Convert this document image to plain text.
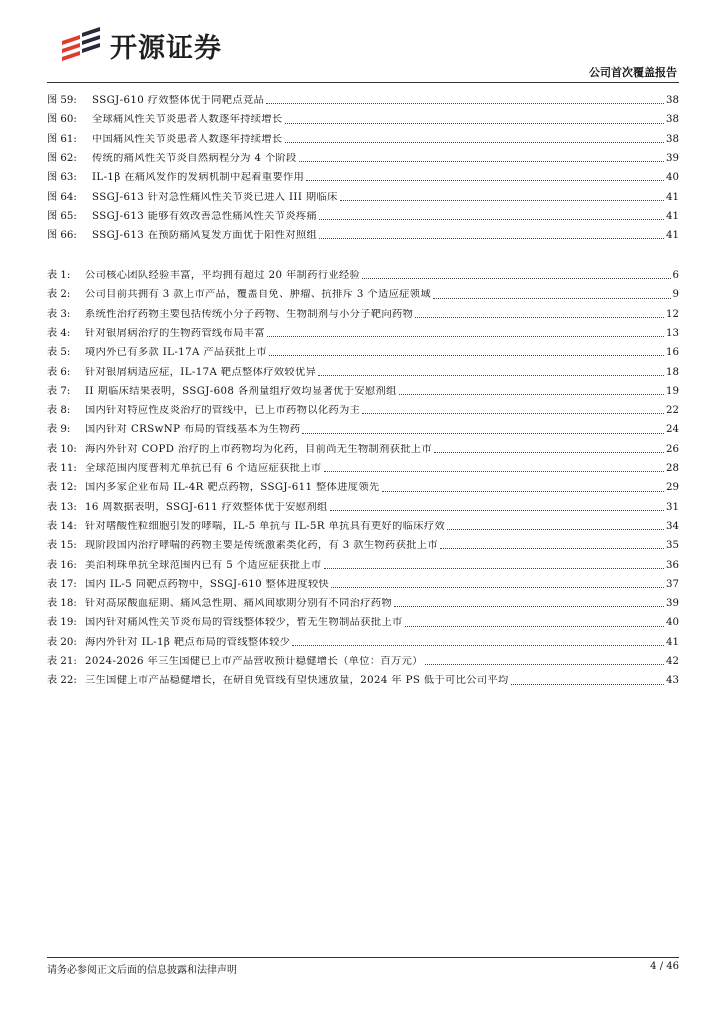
开源证券
公司首次覆盖报告
图 59:	SSGJ-610 疗效整体优于同靶点竞品	38
图 60:	全球痛风性关节炎患者人数逐年持续增长	38
图 61:	中国痛风性关节炎患者人数逐年持续增长	38
图 62:	传统的痛风性关节炎自然病程分为 4 个阶段	39
图 63:	IL-1β 在痛风发作的发病机制中起着重要作用	40
图 64:	SSGJ-613 针对急性痛风性关节炎已进入 III 期临床	41
图 65:	SSGJ-613 能够有效改善急性痛风性关节炎疼痛	41
图 66:	SSGJ-613 在预防痛风复发方面优于阳性对照组	41
表 1:	公司核心团队经验丰富，平均拥有超过 20 年制药行业经验	6
表 2:	公司目前共拥有 3 款上市产品，覆盖自免、肿瘤、抗排斥 3 个适应症领域	9
表 3:	系统性治疗药物主要包括传统小分子药物、生物制剂与小分子靶向药物	12
表 4:	针对银屑病治疗的生物药管线布局丰富	13
表 5:	境内外已有多款 IL-17A 产品获批上市	16
表 6:	针对银屑病适应症，IL-17A 靶点整体疗效较优异	18
表 7:	II 期临床结果表明，SSGJ-608 各剂量组疗效均显著优于安慰剂组	19
表 8:	国内针对特应性皮炎治疗的管线中，已上市药物以化药为主	22
表 9:	国内针对 CRSwNP 布局的管线基本为生物药	24
表 10: 海内外针对 COPD 治疗的上市药物均为化药，目前尚无生物制剂获批上市	26
表 11: 全球范围内度普利尤单抗已有 6 个适应症获批上市	28
表 12: 国内多家企业布局 IL-4R 靶点药物，SSGJ-611 整体进度领先	29
表 13: 16 周数据表明，SSGJ-611 疗效整体优于安慰剂组	31
表 14: 针对嗜酸性粒细胞引发的哮喘，IL-5 单抗与 IL-5R 单抗具有更好的临床疗效	34
表 15: 现阶段国内治疗哮喘的药物主要是传统激素类化药，有 3 款生物药获批上市	35
表 16: 美泊利珠单抗全球范围内已有 5 个适应症获批上市	36
表 17: 国内 IL-5 同靶点药物中，SSGJ-610 整体进度较快	37
表 18: 针对高尿酸血症期、痛风急性期、痛风间歇期分别有不同治疗药物	39
表 19: 国内针对痛风性关节炎布局的管线整体较少，暂无生物制品获批上市	40
表 20: 海内外针对 IL-1β 靶点布局的管线整体较少	41
表 21: 2024-2026 年三生国健已上市产品营收预计稳健增长（单位：百万元）	42
表 22: 三生国健上市产品稳健增长，在研自免管线有望快速放量，2024 年 PS 低于可比公司平均	43
请务必参阅正文后面的信息披露和法律声明	4 / 46
